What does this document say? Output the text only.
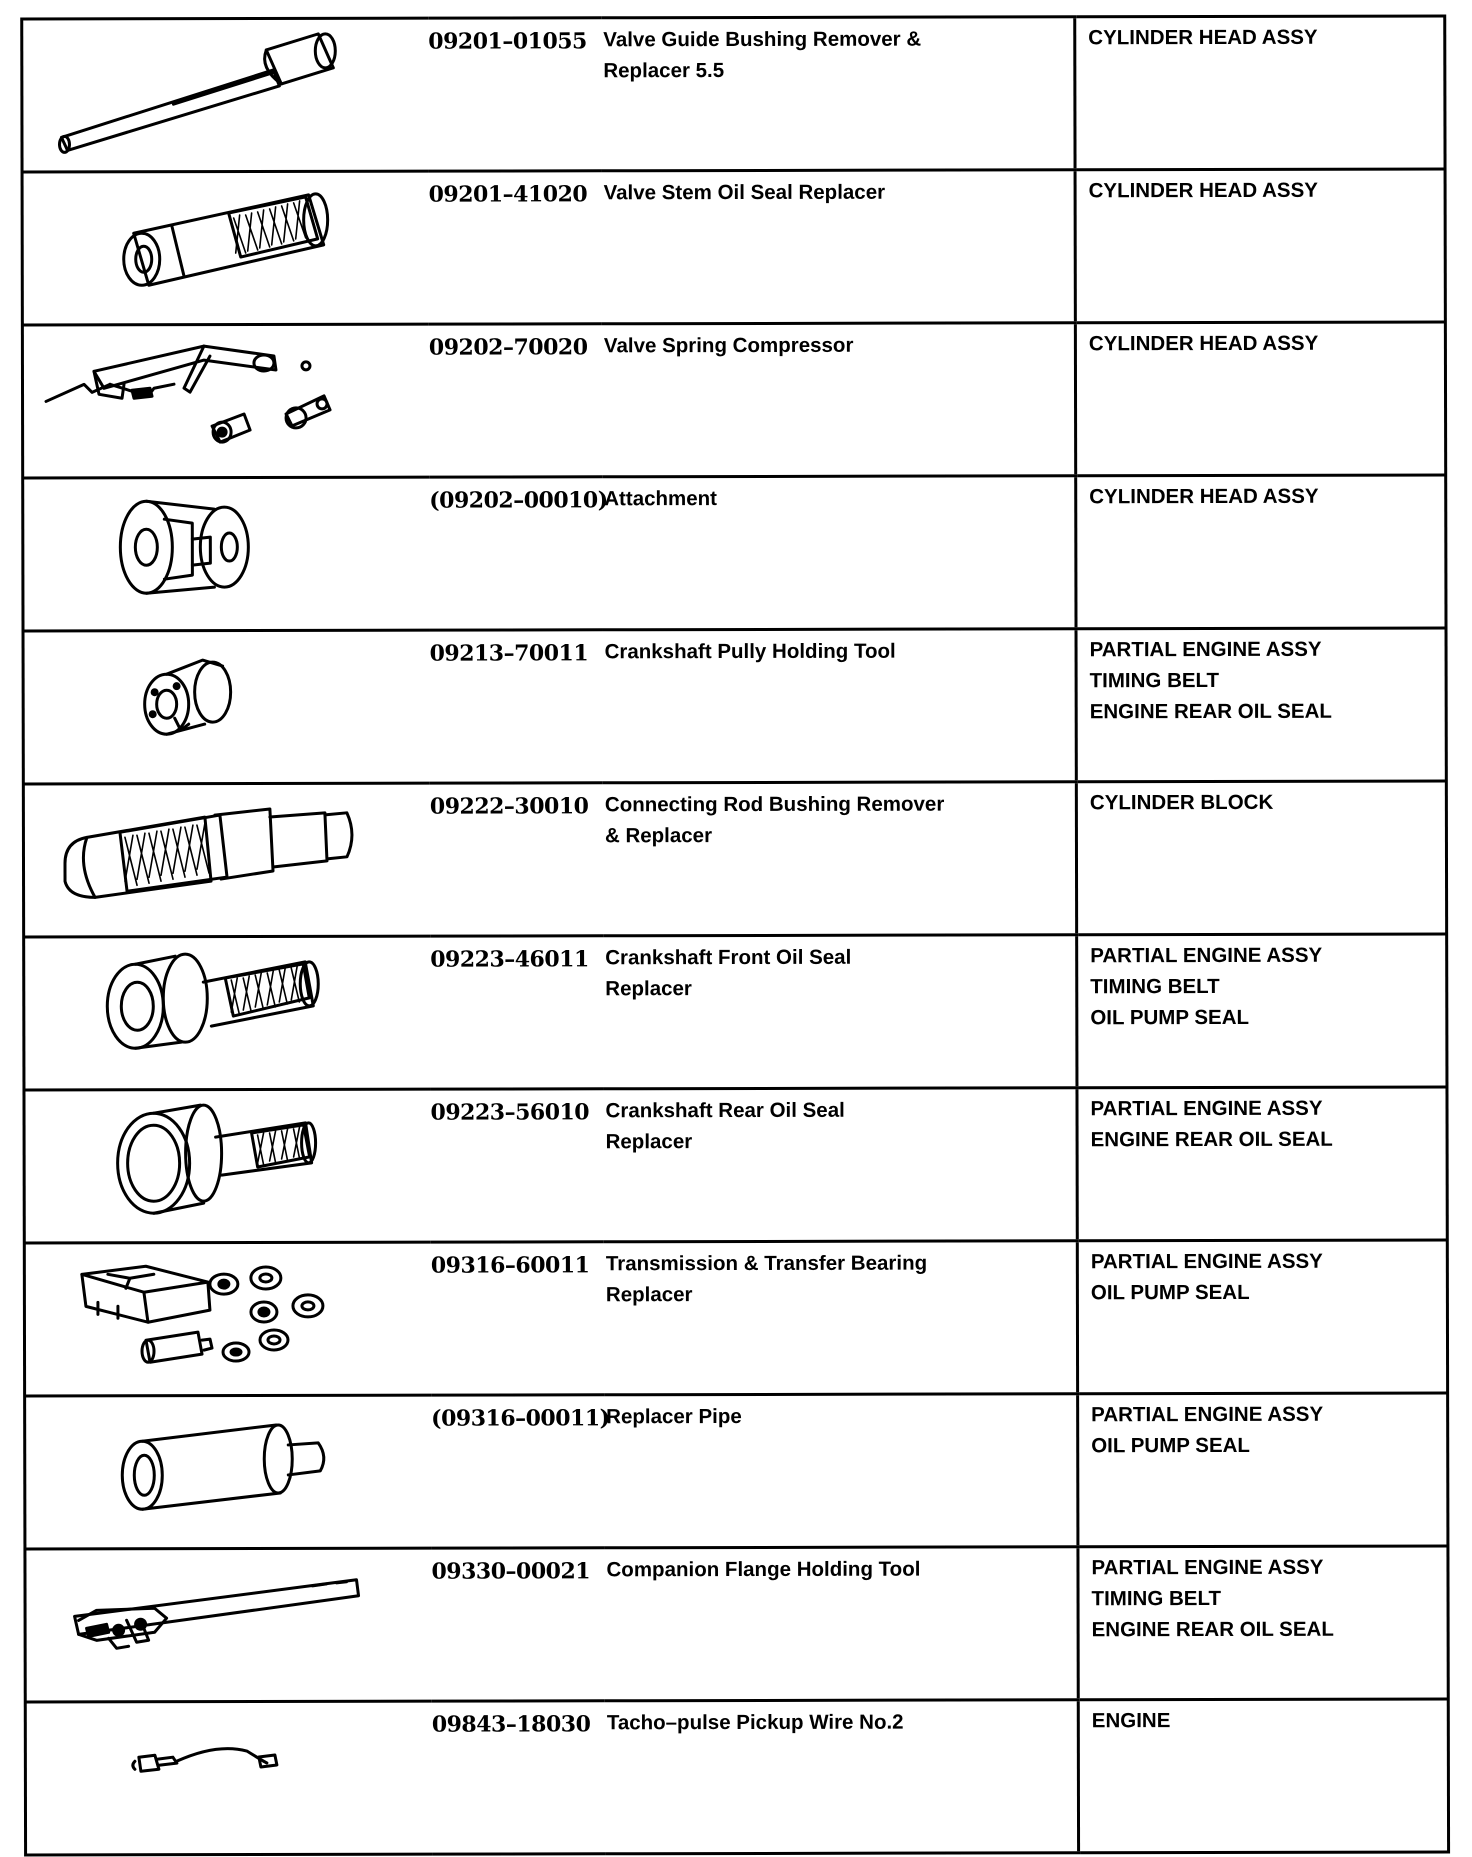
	09201–01055	Valve Guide Bushing Remover &
Replacer 5.5	CYLINDER HEAD ASSY

	09201–41020	Valve Stem Oil Seal Replacer	CYLINDER HEAD ASSY

	09202–70020	Valve Spring Compressor	CYLINDER HEAD ASSY

	(09202–00010)	Attachment	CYLINDER HEAD ASSY

	09213–70011	Crankshaft Pully Holding Tool	PARTIAL ENGINE ASSY
TIMING BELT
ENGINE REAR OIL SEAL

	09222–30010	Connecting Rod Bushing Remover
& Replacer	CYLINDER BLOCK

	09223–46011	Crankshaft Front Oil Seal
Replacer	PARTIAL ENGINE ASSY
TIMING BELT
OIL PUMP SEAL

	09223–56010	Crankshaft Rear Oil Seal
Replacer	PARTIAL ENGINE ASSY
ENGINE REAR OIL SEAL

	09316–60011	Transmission & Transfer Bearing
Replacer	PARTIAL ENGINE ASSY
OIL PUMP SEAL

	(09316–00011)	Replacer Pipe	PARTIAL ENGINE ASSY
OIL PUMP SEAL

	09330–00021	Companion Flange Holding Tool	PARTIAL ENGINE ASSY
TIMING BELT
ENGINE REAR OIL SEAL

	09843–18030	Tacho–pulse Pickup Wire No.2	ENGINE
